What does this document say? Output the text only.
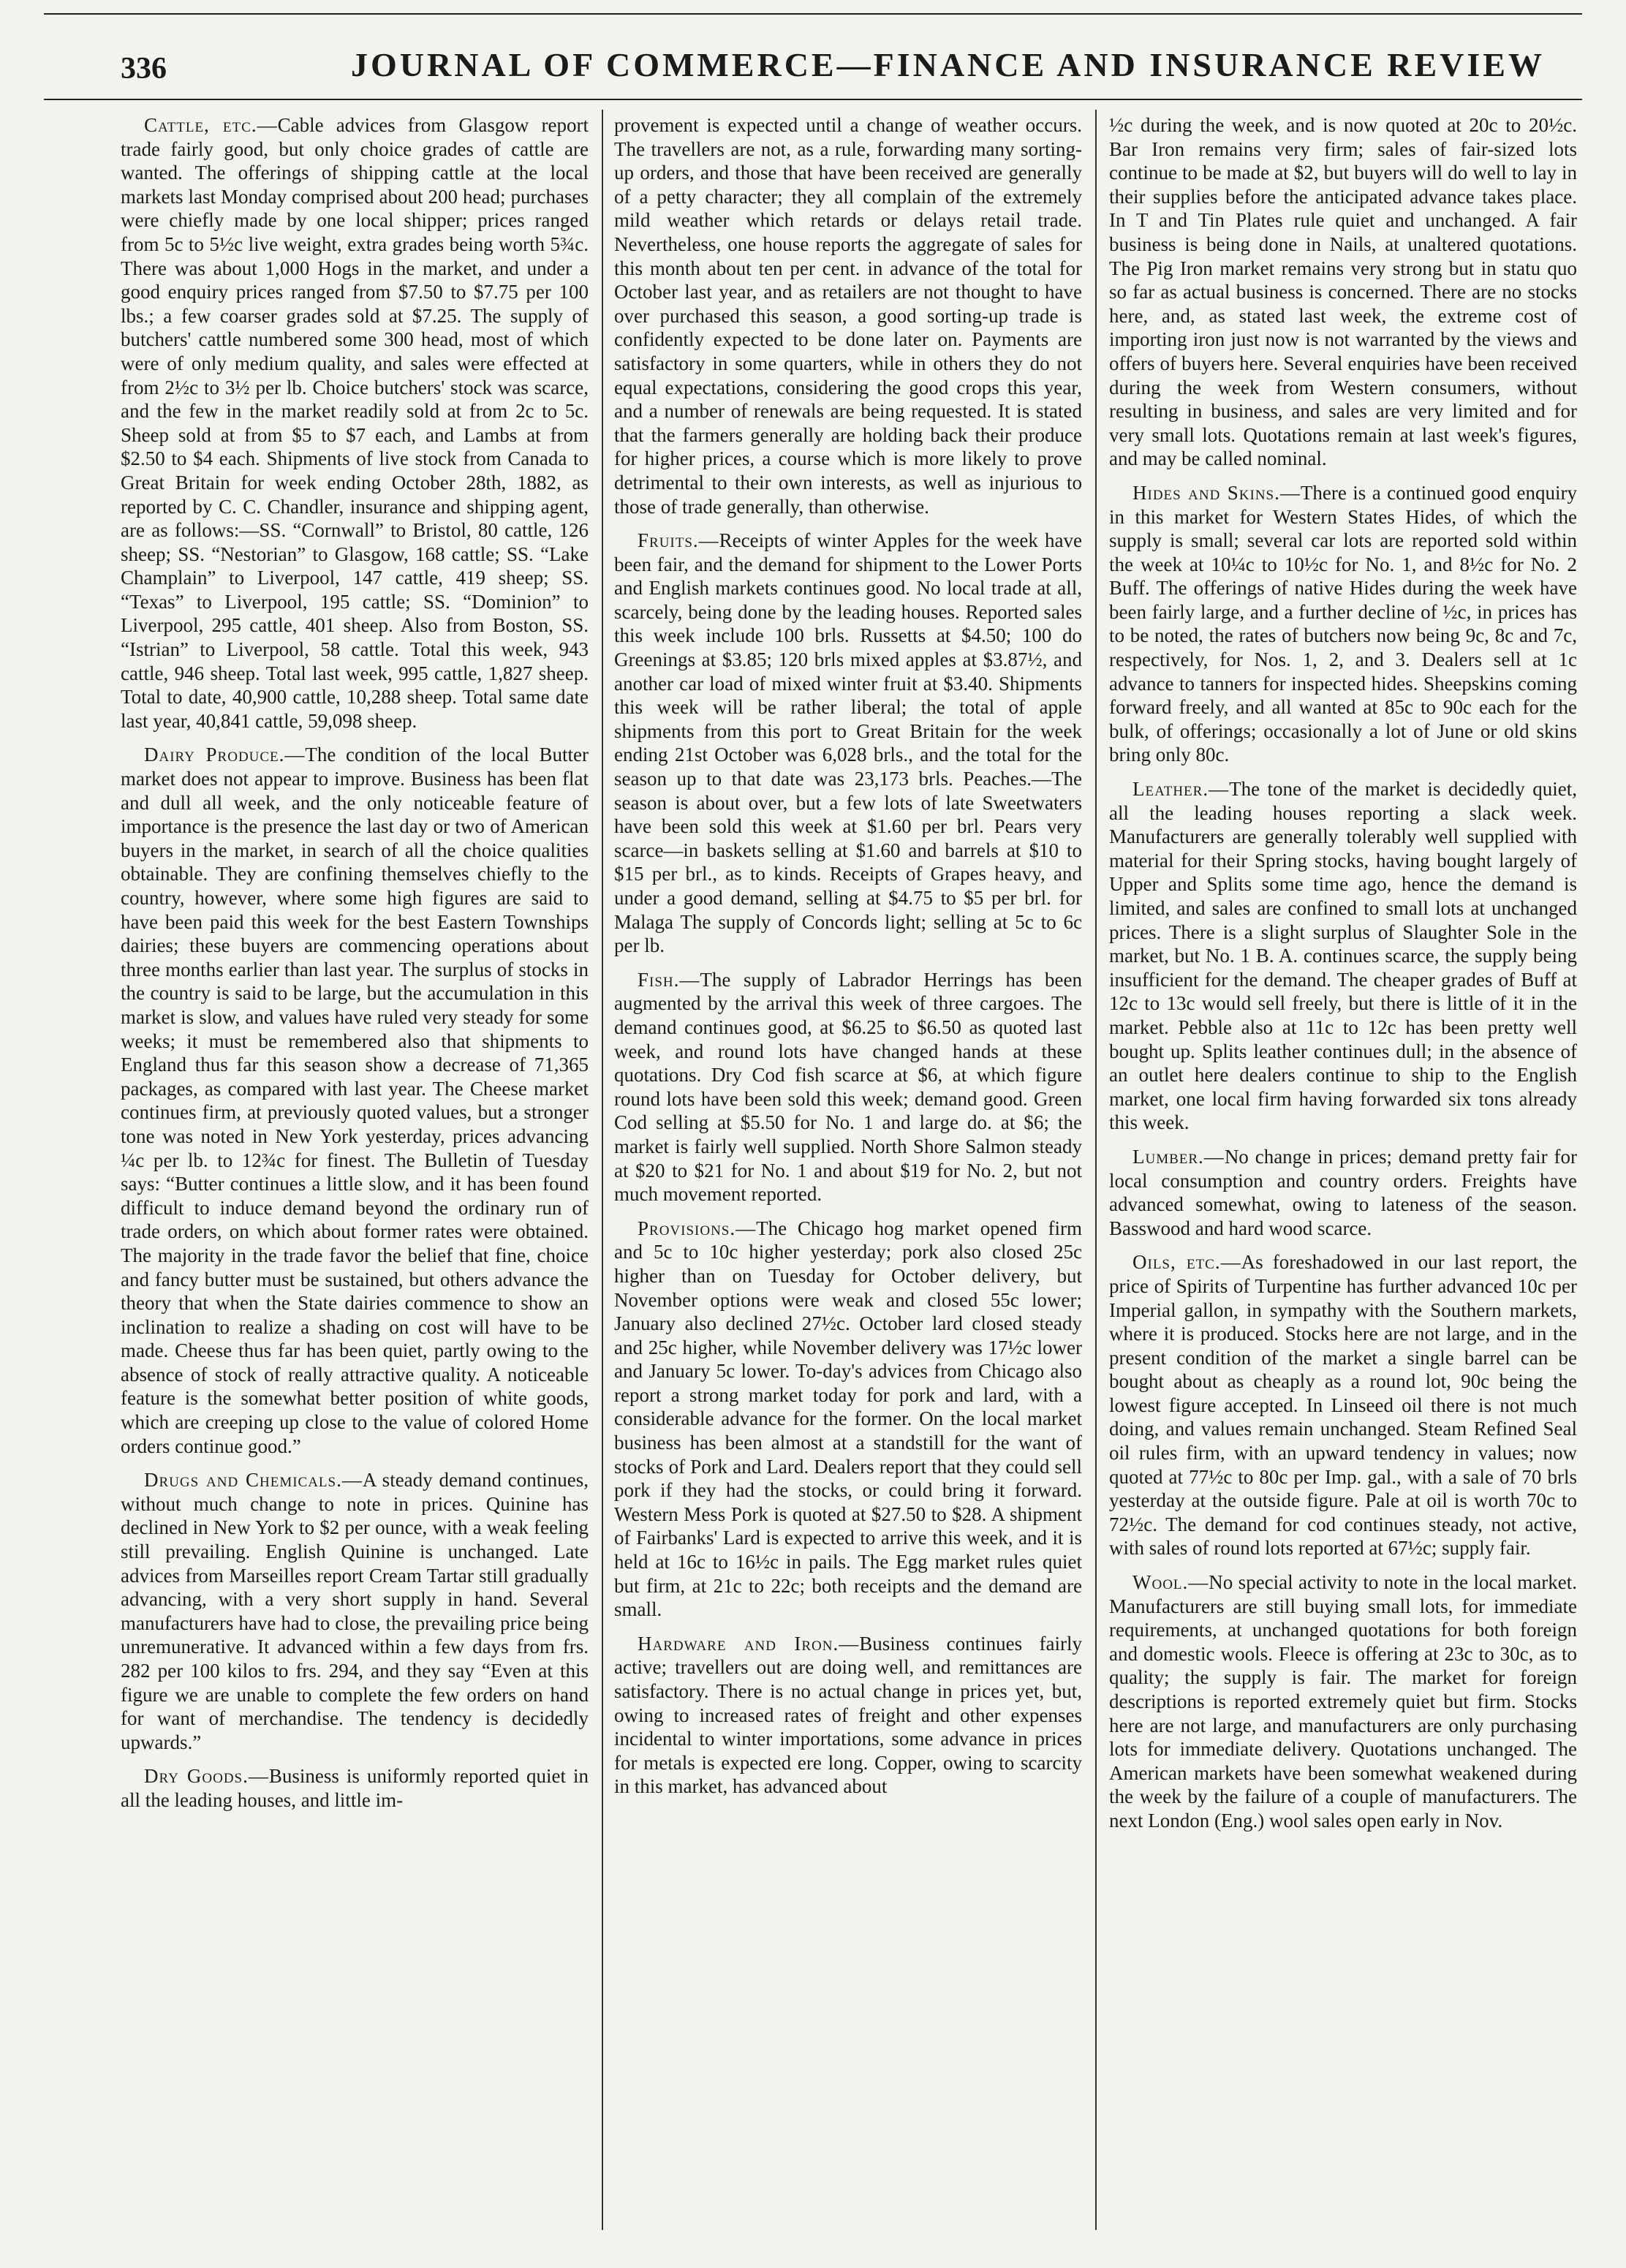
336	JOURNAL OF COMMERCE—FINANCE AND INSURANCE REVIEW

Cattle, etc.—Cable advices from Glasgow report trade fairly good, but only choice grades of cattle are wanted. The offerings of shipping cattle at the local markets last Monday comprised about 200 head; purchases were chiefly made by one local shipper; prices ranged from 5c to 5½c live weight, extra grades being worth 5¾c. There was about 1,000 Hogs in the market, and under a good enquiry prices ranged from $7.50 to $7.75 per 100 lbs.; a few coarser grades sold at $7.25. The supply of butchers' cattle numbered some 300 head, most of which were of only medium quality, and sales were effected at from 2½c to 3½ per lb. Choice butchers' stock was scarce, and the few in the market readily sold at from 2c to 5c. Sheep sold at from $5 to $7 each, and Lambs at from $2.50 to $4 each. Shipments of live stock from Canada to Great Britain for week ending October 28th, 1882, as reported by C. C. Chandler, insurance and shipping agent, are as follows:—SS. “Cornwall” to Bristol, 80 cattle, 126 sheep; SS. “Nestorian” to Glasgow, 168 cattle; SS. “Lake Champlain” to Liverpool, 147 cattle, 419 sheep; SS. “Texas” to Liverpool, 195 cattle; SS. “Dominion” to Liverpool, 295 cattle, 401 sheep. Also from Boston, SS. “Istrian” to Liverpool, 58 cattle. Total this week, 943 cattle, 946 sheep. Total last week, 995 cattle, 1,827 sheep. Total to date, 40,900 cattle, 10,288 sheep. Total same date last year, 40,841 cattle, 59,098 sheep.

Dairy Produce.—The condition of the local Butter market does not appear to improve. Business has been flat and dull all week, and the only noticeable feature of importance is the presence the last day or two of American buyers in the market, in search of all the choice qualities obtainable. They are confining themselves chiefly to the country, however, where some high figures are said to have been paid this week for the best Eastern Townships dairies; these buyers are commencing operations about three months earlier than last year. The surplus of stocks in the country is said to be large, but the accumulation in this market is slow, and values have ruled very steady for some weeks; it must be remembered also that shipments to England thus far this season show a decrease of 71,365 packages, as compared with last year. The Cheese market continues firm, at previously quoted values, but a stronger tone was noted in New York yesterday, prices advancing ¼c per lb. to 12¾c for finest. The Bulletin of Tuesday says: “Butter continues a little slow, and it has been found difficult to induce demand beyond the ordinary run of trade orders, on which about former rates were obtained. The majority in the trade favor the belief that fine, choice and fancy butter must be sustained, but others advance the theory that when the State dairies commence to show an inclination to realize a shading on cost will have to be made. Cheese thus far has been quiet, partly owing to the absence of stock of really attractive quality. A noticeable feature is the somewhat better position of white goods, which are creeping up close to the value of colored Home orders continue good.”

Drugs and Chemicals.—A steady demand continues, without much change to note in prices. Quinine has declined in New York to $2 per ounce, with a weak feeling still prevailing. English Quinine is unchanged. Late advices from Marseilles report Cream Tartar still gradually advancing, with a very short supply in hand. Several manufacturers have had to close, the prevailing price being unremunerative. It advanced within a few days from frs. 282 per 100 kilos to frs. 294, and they say “Even at this figure we are unable to complete the few orders on hand for want of merchandise. The tendency is decidedly upwards.”

Dry Goods.—Business is uniformly reported quiet in all the leading houses, and little im-

provement is expected until a change of weather occurs. The travellers are not, as a rule, forwarding many sorting-up orders, and those that have been received are generally of a petty character; they all complain of the extremely mild weather which retards or delays retail trade. Nevertheless, one house reports the aggregate of sales for this month about ten per cent. in advance of the total for October last year, and as retailers are not thought to have over purchased this season, a good sorting-up trade is confidently expected to be done later on. Payments are satisfactory in some quarters, while in others they do not equal expectations, considering the good crops this year, and a number of renewals are being requested. It is stated that the farmers generally are holding back their produce for higher prices, a course which is more likely to prove detrimental to their own interests, as well as injurious to those of trade generally, than otherwise.

Fruits.—Receipts of winter Apples for the week have been fair, and the demand for shipment to the Lower Ports and English markets continues good. No local trade at all, scarcely, being done by the leading houses. Reported sales this week include 100 brls. Russetts at $4.50; 100 do Greenings at $3.85; 120 brls mixed apples at $3.87½, and another car load of mixed winter fruit at $3.40. Shipments this week will be rather liberal; the total of apple shipments from this port to Great Britain for the week ending 21st October was 6,028 brls., and the total for the season up to that date was 23,173 brls. Peaches.—The season is about over, but a few lots of late Sweetwaters have been sold this week at $1.60 per brl. Pears very scarce—in baskets selling at $1.60 and barrels at $10 to $15 per brl., as to kinds. Receipts of Grapes heavy, and under a good demand, selling at $4.75 to $5 per brl. for Malaga The supply of Concords light; selling at 5c to 6c per lb.

Fish.—The supply of Labrador Herrings has been augmented by the arrival this week of three cargoes. The demand continues good, at $6.25 to $6.50 as quoted last week, and round lots have changed hands at these quotations. Dry Cod fish scarce at $6, at which figure round lots have been sold this week; demand good. Green Cod selling at $5.50 for No. 1 and large do. at $6; the market is fairly well supplied. North Shore Salmon steady at $20 to $21 for No. 1 and about $19 for No. 2, but not much movement reported.

Provisions.—The Chicago hog market opened firm and 5c to 10c higher yesterday; pork also closed 25c higher than on Tuesday for October delivery, but November options were weak and closed 55c lower; January also declined 27½c. October lard closed steady and 25c higher, while November delivery was 17½c lower and January 5c lower. To-day's advices from Chicago also report a strong market today for pork and lard, with a considerable advance for the former. On the local market business has been almost at a standstill for the want of stocks of Pork and Lard. Dealers report that they could sell pork if they had the stocks, or could bring it forward. Western Mess Pork is quoted at $27.50 to $28. A shipment of Fairbanks' Lard is expected to arrive this week, and it is held at 16c to 16½c in pails. The Egg market rules quiet but firm, at 21c to 22c; both receipts and the demand are small.

Hardware and Iron.—Business continues fairly active; travellers out are doing well, and remittances are satisfactory. There is no actual change in prices yet, but, owing to increased rates of freight and other expenses incidental to winter importations, some advance in prices for metals is expected ere long. Copper, owing to scarcity in this market, has advanced about

½c during the week, and is now quoted at 20c to 20½c. Bar Iron remains very firm; sales of fair-sized lots continue to be made at $2, but buyers will do well to lay in their supplies before the anticipated advance takes place. In T and Tin Plates rule quiet and unchanged. A fair business is being done in Nails, at unaltered quotations. The Pig Iron market remains very strong but in statu quo so far as actual business is concerned. There are no stocks here, and, as stated last week, the extreme cost of importing iron just now is not warranted by the views and offers of buyers here. Several enquiries have been received during the week from Western consumers, without resulting in business, and sales are very limited and for very small lots. Quotations remain at last week's figures, and may be called nominal.

Hides and Skins.—There is a continued good enquiry in this market for Western States Hides, of which the supply is small; several car lots are reported sold within the week at 10¼c to 10½c for No. 1, and 8½c for No. 2 Buff. The offerings of native Hides during the week have been fairly large, and a further decline of ½c, in prices has to be noted, the rates of butchers now being 9c, 8c and 7c, respectively, for Nos. 1, 2, and 3. Dealers sell at 1c advance to tanners for inspected hides. Sheepskins coming forward freely, and all wanted at 85c to 90c each for the bulk, of offerings; occasionally a lot of June or old skins bring only 80c.

Leather.—The tone of the market is decidedly quiet, all the leading houses reporting a slack week. Manufacturers are generally tolerably well supplied with material for their Spring stocks, having bought largely of Upper and Splits some time ago, hence the demand is limited, and sales are confined to small lots at unchanged prices. There is a slight surplus of Slaughter Sole in the market, but No. 1 B. A. continues scarce, the supply being insufficient for the demand. The cheaper grades of Buff at 12c to 13c would sell freely, but there is little of it in the market. Pebble also at 11c to 12c has been pretty well bought up. Splits leather continues dull; in the absence of an outlet here dealers continue to ship to the English market, one local firm having forwarded six tons already this week.

Lumber.—No change in prices; demand pretty fair for local consumption and country orders. Freights have advanced somewhat, owing to lateness of the season. Basswood and hard wood scarce.

Oils, etc.—As foreshadowed in our last report, the price of Spirits of Turpentine has further advanced 10c per Imperial gallon, in sympathy with the Southern markets, where it is produced. Stocks here are not large, and in the present condition of the market a single barrel can be bought about as cheaply as a round lot, 90c being the lowest figure accepted. In Linseed oil there is not much doing, and values remain unchanged. Steam Refined Seal oil rules firm, with an upward tendency in values; now quoted at 77½c to 80c per Imp. gal., with a sale of 70 brls yesterday at the outside figure. Pale at oil is worth 70c to 72½c. The demand for cod continues steady, not active, with sales of round lots reported at 67½c; supply fair.

Wool.—No special activity to note in the local market. Manufacturers are still buying small lots, for immediate requirements, at unchanged quotations for both foreign and domestic wools. Fleece is offering at 23c to 30c, as to quality; the supply is fair. The market for foreign descriptions is reported extremely quiet but firm. Stocks here are not large, and manufacturers are only purchasing lots for immediate delivery. Quotations unchanged. The American markets have been somewhat weakened during the week by the failure of a couple of manufacturers. The next London (Eng.) wool sales open early in Nov.
